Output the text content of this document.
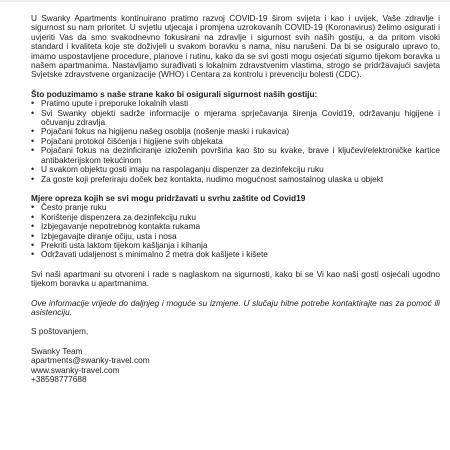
U Swanky Apartments kontinuirano pratimo razvoj COVID-19 širom svijeta i kao i uvijek, Vaše zdravlje i sigurnost su nam prioritet. U svjetlu utjecaja i promjena uzrokovanih COVID-19 (Koronavirus) želimo osigurati i uvjeriti Vas da smo svakodnevno fokusirani na zdravlje i sigurnost svih naših gostiju, a da pritom visoki standard i kvaliteta koje ste doživjeli u svakom boravku s nama, nisu narušeni. Da bi se osiguralo upravo to, imamo uspostavljene procedure, planove i rutinu, kako da se svi gosti mogu osjećati sigurno tijekom boravka u našem apartmanima. Nastavljamo surađivati s lokalnim zdravstvenim vlastima, strogo se pridržavajući savjeta Svjetske zdravstvene organizacije (WHO) i Centara za kontrolu i prevenciju bolesti (CDC).

Što poduzimamo s naše strane kako bi osigurali sigurnost naših gostiju:

• Pratimo upute i preporuke lokalnih vlasti
• Svi Swanky objekti sadrže informacije o mjerama sprječavanja širenja Covid19, održavanju higijene i očuvanju zdravlja
• Pojačani fokus na higijenu našeg osoblja (nošenje maski i rukavica)
• Pojačani protokol čišćenja i higijene svih objekata
• Pojačani fokus na dezinficiranje izloženih površina kao što su kvake, brave i ključevi/elektroničke kartice antibakterijskom tekućinom
• U svakom objektu gosti imaju na raspolaganju dispenzer za dezinfekciju ruku
• Za goste koji preferiraju doček bez kontakta, nudimo mogućnost samostalnog ulaska u objekt

Mjere opreza kojih se svi mogu pridržavati u svrhu zaštite od Covid19

• Često pranje ruku
• Korištenje dispenzera za dezinfekciju ruku
• Izbjegavanje nepotrebnog kontakta rukama
• Izbjegavajte diranje očiju, usta i nosa
• Prekriti usta laktom tijekom kašljanja i kihanja
• Održavati udaljenost s minimalno 2 metra dok kašljete i kišete

Svi naši apartmani su otvoreni i rade s naglaskom na sigurnosti, kako bi se Vi kao naši gosti osjećali ugodno tijekom boravka u apartmanima.

Ove informacije vrijede do daljnjeg i moguće su izmjene. U slučaju hitne potrebe kontaktirajte nas za pomoć ili asistenciju.

S poštovanjem,

Swanky Team

apartments@swanky-travel.com

www.swanky-travel.com

+38598777688
